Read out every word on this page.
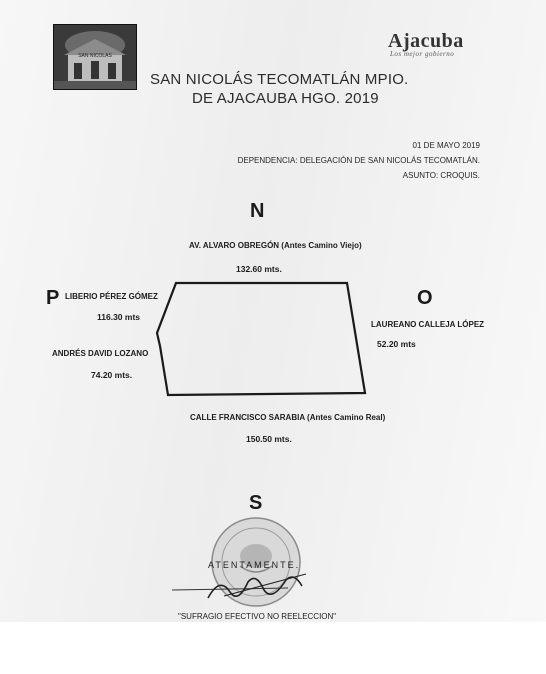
SAN NICOLAS
Ajacuba
Los mejor gobierno
SAN NICOLÁS TECOMATLÁN MPIO.
DE AJACAUBA HGO. 2019
01 DE MAYO 2019
DEPENDENCIA: DELEGACIÓN DE SAN NICOLÁS TECOMATLÁN.
ASUNTO: CROQUIS.
N
S
P	O
AV. ALVARO OBREGÓN (Antes Camino Viejo)
132.60 mts.
LIBERIO PÉREZ GÓMEZ
116.30 mts
ANDRÉS DAVID LOZANO
74.20 mts.
LAUREANO CALLEJA LÓPEZ
52.20 mts
CALLE FRANCISCO SARABIA (Antes Camino Real)
150.50 mts.
ATENTAMENTE.
"SUFRAGIO EFECTIVO NO REELECCION"
